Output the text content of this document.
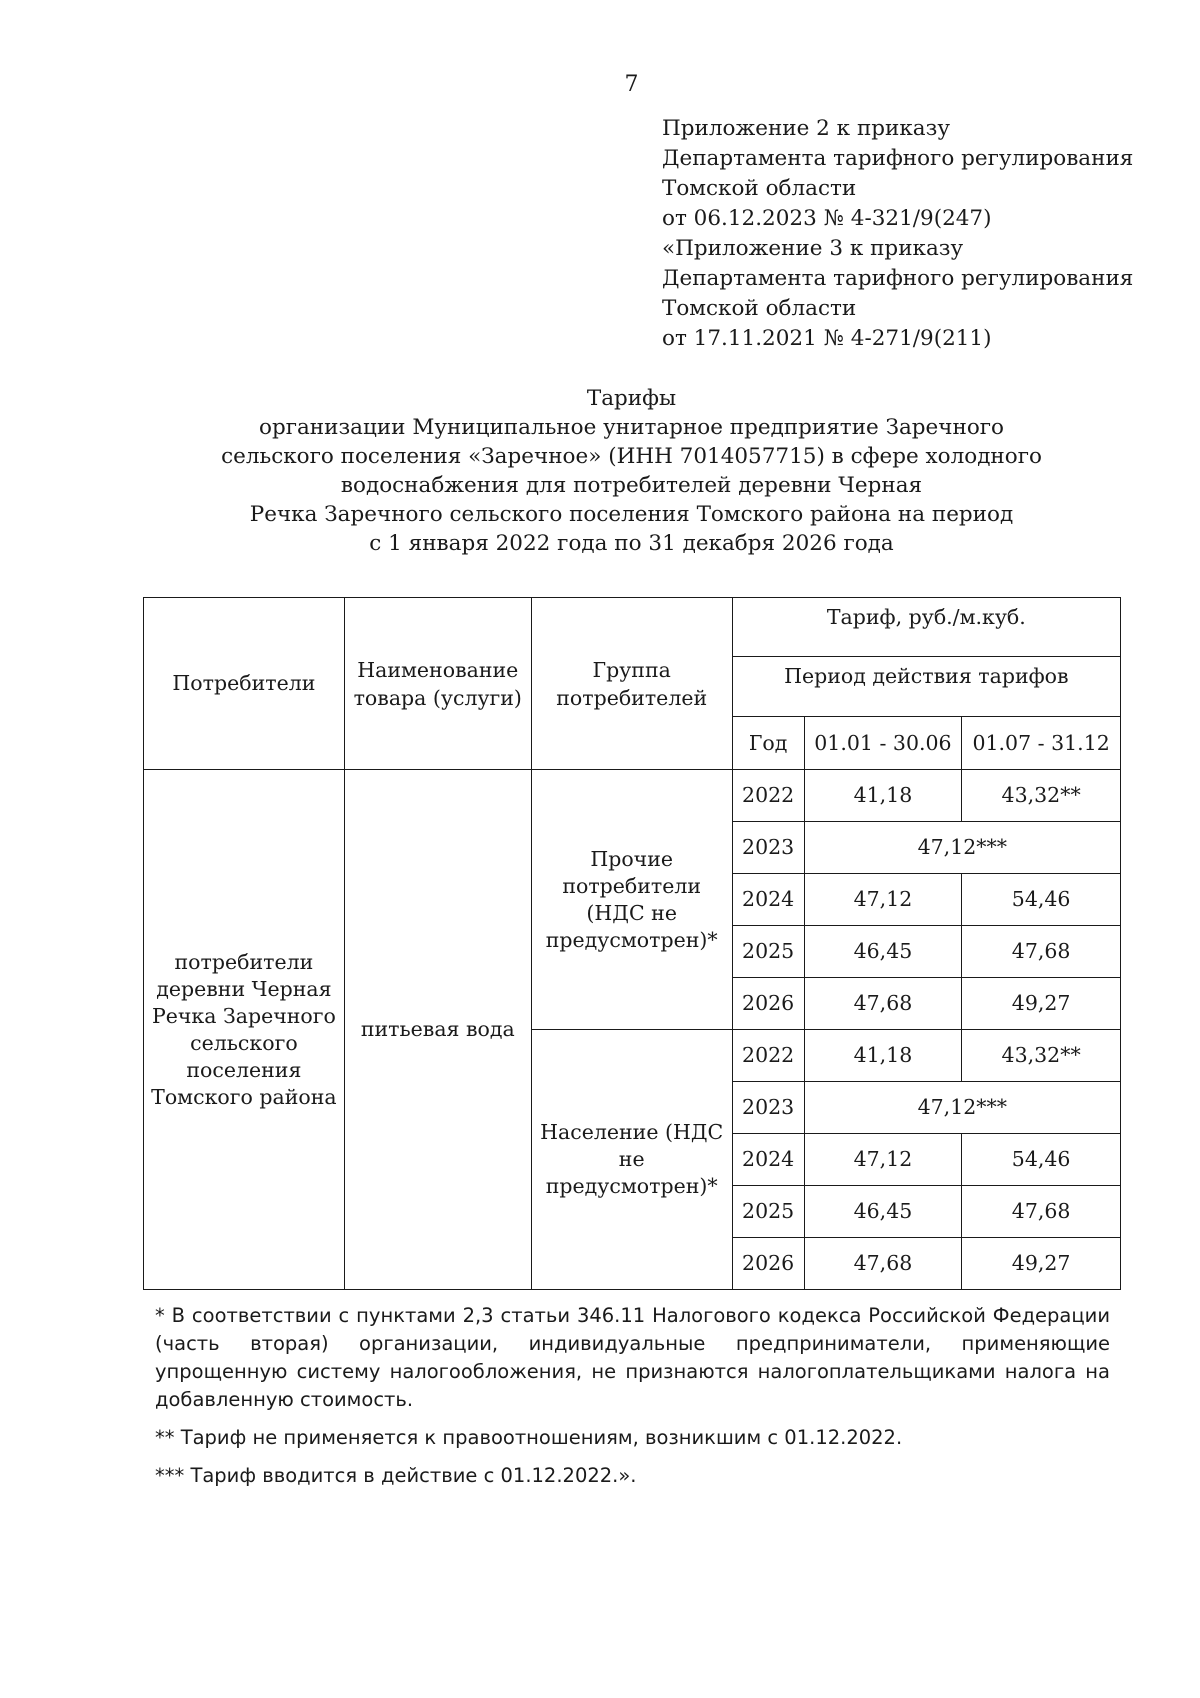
7
Приложение 2 к приказу
Департамента тарифного регулирования
Томской области
от 06.12.2023 № 4-321/9(247)
«Приложение 3 к приказу
Департамента тарифного регулирования
Томской области
от 17.11.2021 № 4-271/9(211)
Тарифы
организации Муниципальное унитарное предприятие Заречного
сельского поселения «Заречное» (ИНН 7014057715) в сфере холодного
водоснабжения для потребителей деревни Черная
Речка Заречного сельского поселения Томского района на период
с 1 января 2022 года по 31 декабря 2026 года
Потребители	Наименование товара (услуги)	Группа потребителей	Тариф, руб./м.куб.		
			Период действия тарифов		
			Год	01.01 - 30.06	01.07 - 31.12
потребители деревни Черная Речка Заречного сельского поселения Томского района	питьевая вода	Прочие потребители (НДС не предусмотрен)*	2022	41,18	43,32**
			2023	47,12***	
			2024	47,12	54,46
			2025	46,45	47,68
			2026	47,68	49,27
		Население (НДС не предусмотрен)*	2022	41,18	43,32**
			2023	47,12***	
			2024	47,12	54,46
			2025	46,45	47,68
			2026	47,68	49,27

* В соответствии с пунктами 2,3 статьи 346.11 Налогового кодекса Российской Федерации (часть вторая) организации, индивидуальные предприниматели, применяющие упрощенную систему налогообложения, не признаются налогоплательщиками налога на добавленную стоимость.

** Тариф не применяется к правоотношениям, возникшим с 01.12.2022.

*** Тариф вводится в действие с 01.12.2022.».
